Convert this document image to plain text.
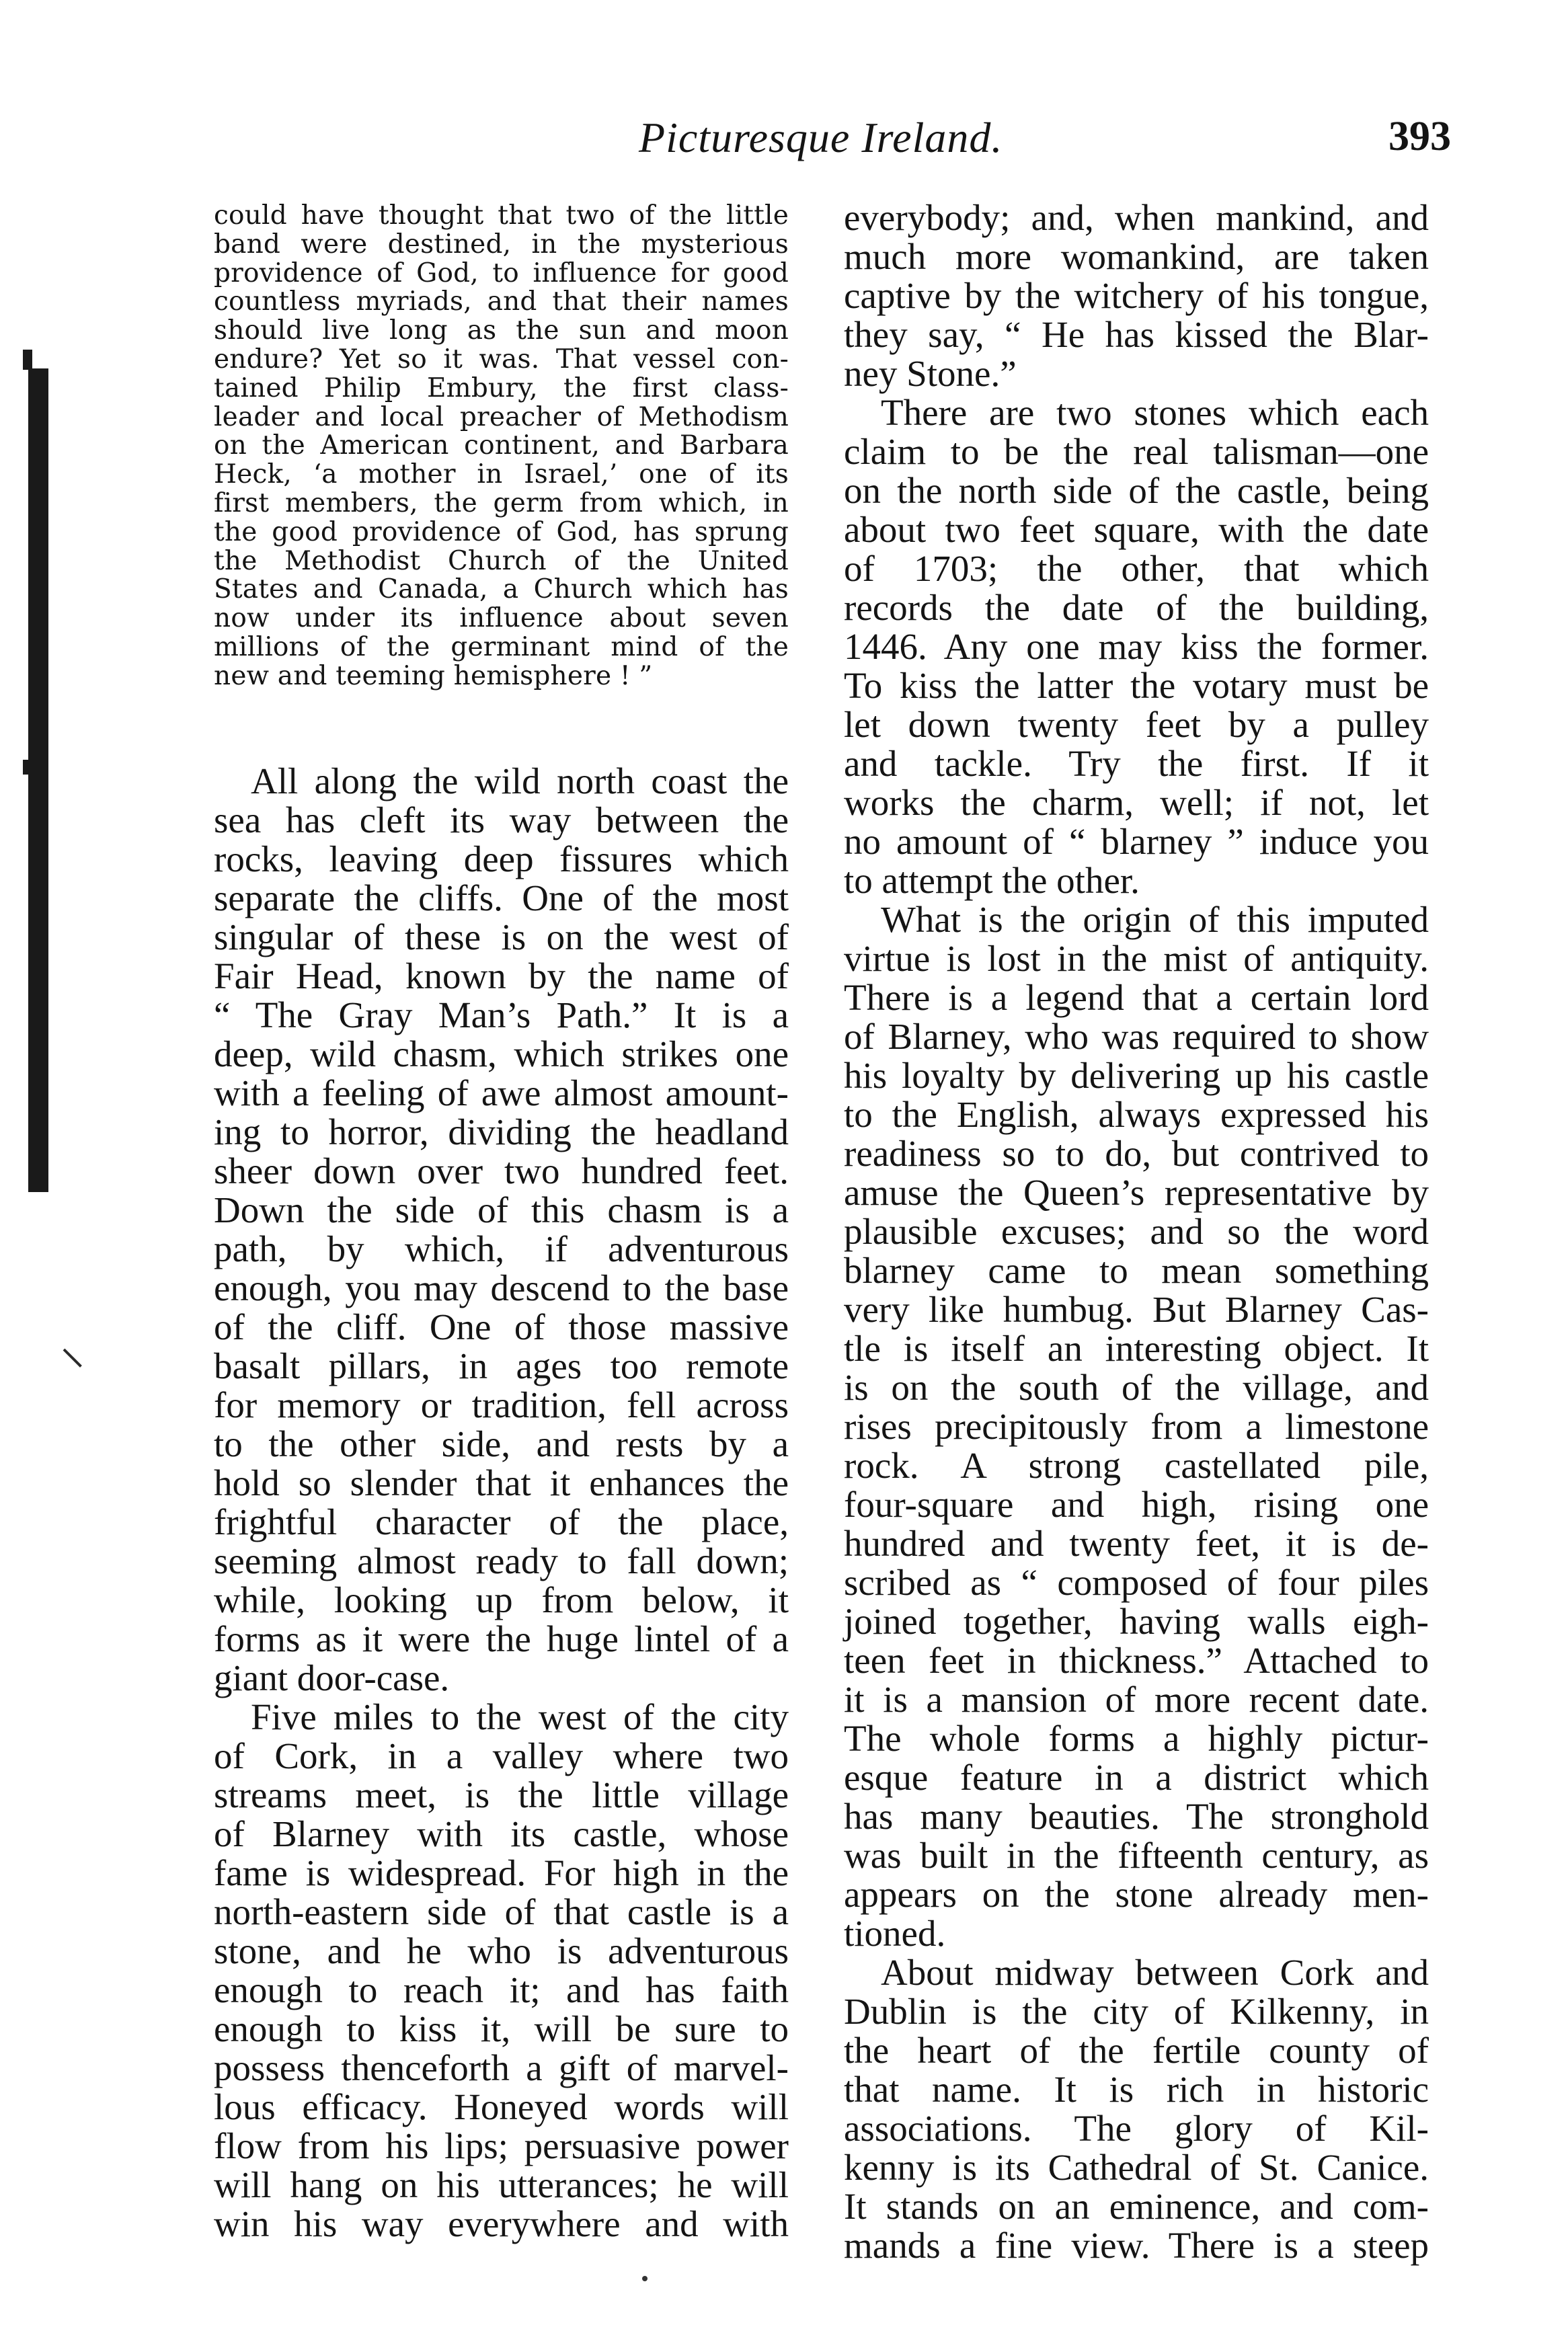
Picturesque Ireland.	393
could have thought that two of the little
band were destined, in the mysterious
providence of God, to influence for good
countless myriads, and that their names
should live long as the sun and moon
endure? Yet so it was. That vessel con-
tained Philip Embury, the first class-
leader and local preacher of Methodism
on the American continent, and Barbara
Heck, ‘a mother in Israel,’ one of its
first members, the germ from which, in
the good providence of God, has sprung
the Methodist Church of the United
States and Canada, a Church which has
now under its influence about seven
millions of the germinant mind of the
new and teeming hemisphere ! ”
All along the wild north coast the
sea has cleft its way between the
rocks, leaving deep fissures which
separate the cliffs. One of the most
singular of these is on the west of
Fair Head, known by the name of
“ The Gray Man’s Path.” It is a
deep, wild chasm, which strikes one
with a feeling of awe almost amount-
ing to horror, dividing the headland
sheer down over two hundred feet.
Down the side of this chasm is a
path, by which, if adventurous
enough, you may descend to the base
of the cliff. One of those massive
basalt pillars, in ages too remote
for memory or tradition, fell across
to the other side, and rests by a
hold so slender that it enhances the
frightful character of the place,
seeming almost ready to fall down;
while, looking up from below, it
forms as it were the huge lintel of a
giant door-case.
Five miles to the west of the city
of Cork, in a valley where two
streams meet, is the little village
of Blarney with its castle, whose
fame is widespread. For high in the
north-eastern side of that castle is a
stone, and he who is adventurous
enough to reach it; and has faith
enough to kiss it, will be sure to
possess thenceforth a gift of marvel-
lous efficacy. Honeyed words will
flow from his lips; persuasive power
will hang on his utterances; he will
win his way everywhere and with
everybody; and, when mankind, and
much more womankind, are taken
captive by the witchery of his tongue,
they say, “ He has kissed the Blar-
ney Stone.”
There are two stones which each
claim to be the real talisman—one
on the north side of the castle, being
about two feet square, with the date
of 1703; the other, that which
records the date of the building,
1446. Any one may kiss the former.
To kiss the latter the votary must be
let down twenty feet by a pulley
and tackle. Try the first. If it
works the charm, well; if not, let
no amount of “ blarney ” induce you
to attempt the other.
What is the origin of this imputed
virtue is lost in the mist of antiquity.
There is a legend that a certain lord
of Blarney, who was required to show
his loyalty by delivering up his castle
to the English, always expressed his
readiness so to do, but contrived to
amuse the Queen’s representative by
plausible excuses; and so the word
blarney came to mean something
very like humbug. But Blarney Cas-
tle is itself an interesting object. It
is on the south of the village, and
rises precipitously from a limestone
rock. A strong castellated pile,
four-square and high, rising one
hundred and twenty feet, it is de-
scribed as “ composed of four piles
joined together, having walls eigh-
teen feet in thickness.” Attached to
it is a mansion of more recent date.
The whole forms a highly pictur-
esque feature in a district which
has many beauties. The stronghold
was built in the fifteenth century, as
appears on the stone already men-
tioned.
About midway between Cork and
Dublin is the city of Kilkenny, in
the heart of the fertile county of
that name. It is rich in historic
associations. The glory of Kil-
kenny is its Cathedral of St. Canice.
It stands on an eminence, and com-
mands a fine view. There is a steep
